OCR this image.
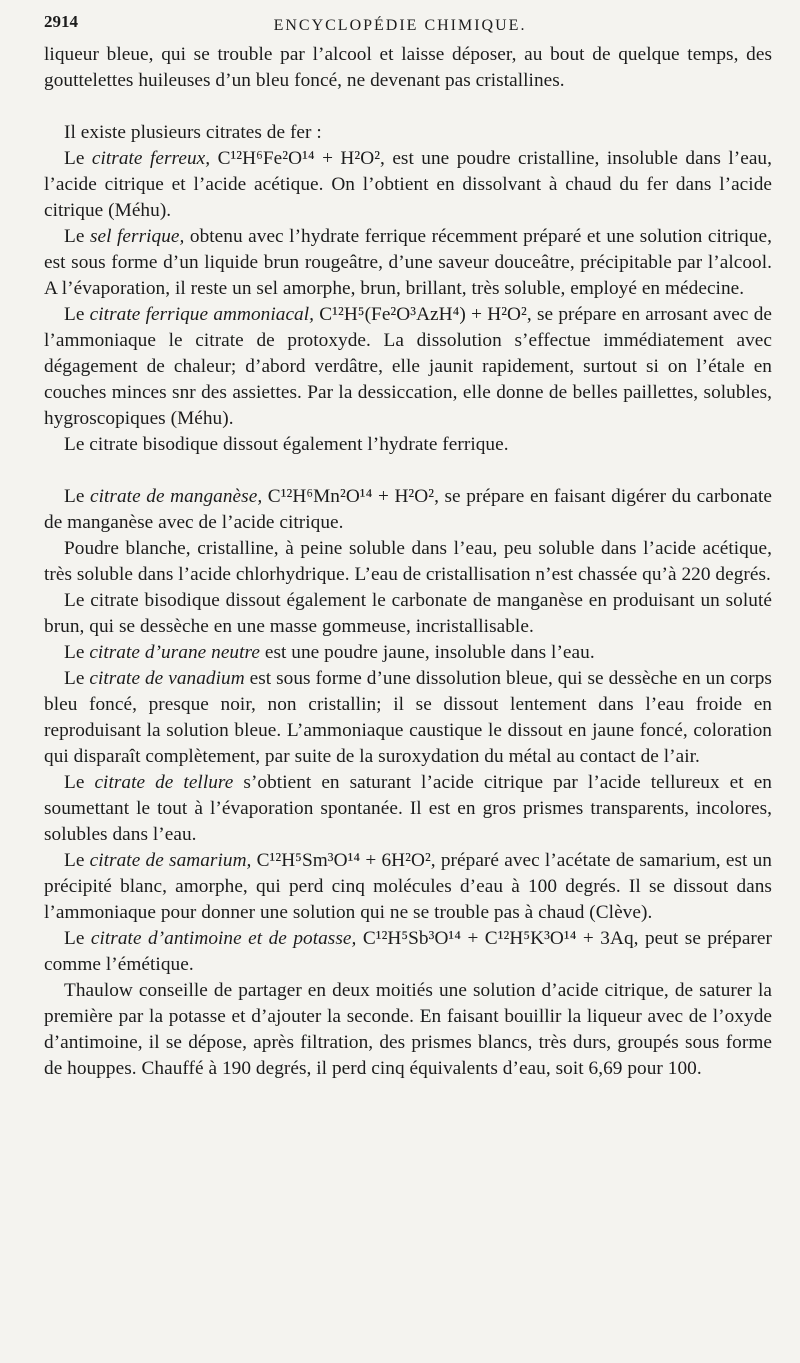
2914	ENCYCLOPÉDIE CHIMIQUE.

liqueur bleue, qui se trouble par l’alcool et laisse déposer, au bout de quelque temps, des gouttelettes huileuses d’un bleu foncé, ne devenant pas cristallines.

Il existe plusieurs citrates de fer :

Le citrate ferreux, C¹²H⁶Fe²O¹⁴ + H²O², est une poudre cristalline, insoluble dans l’eau, l’acide citrique et l’acide acétique. On l’obtient en dissolvant à chaud du fer dans l’acide citrique (Méhu).

Le sel ferrique, obtenu avec l’hydrate ferrique récemment préparé et une solution citrique, est sous forme d’un liquide brun rougeâtre, d’une saveur douceâtre, précipitable par l’alcool. A l’évaporation, il reste un sel amorphe, brun, brillant, très soluble, employé en médecine.

Le citrate ferrique ammoniacal, C¹²H⁵(Fe²O³AzH⁴) + H²O², se prépare en arrosant avec de l’ammoniaque le citrate de protoxyde. La dissolution s’effectue immédiatement avec dégagement de chaleur; d’abord verdâtre, elle jaunit rapidement, surtout si on l’étale en couches minces snr des assiettes. Par la dessiccation, elle donne de belles paillettes, solubles, hygroscopiques (Méhu).

Le citrate bisodique dissout également l’hydrate ferrique.

Le citrate de manganèse, C¹²H⁶Mn²O¹⁴ + H²O², se prépare en faisant digérer du carbonate de manganèse avec de l’acide citrique.

Poudre blanche, cristalline, à peine soluble dans l’eau, peu soluble dans l’acide acétique, très soluble dans l’acide chlorhydrique. L’eau de cristallisation n’est chassée qu’à 220 degrés.

Le citrate bisodique dissout également le carbonate de manganèse en produisant un soluté brun, qui se dessèche en une masse gommeuse, incristallisable.

Le citrate d’urane neutre est une poudre jaune, insoluble dans l’eau.

Le citrate de vanadium est sous forme d’une dissolution bleue, qui se dessèche en un corps bleu foncé, presque noir, non cristallin; il se dissout lentement dans l’eau froide en reproduisant la solution bleue. L’ammoniaque caustique le dissout en jaune foncé, coloration qui disparaît complètement, par suite de la suroxydation du métal au contact de l’air.

Le citrate de tellure s’obtient en saturant l’acide citrique par l’acide tellureux et en soumettant le tout à l’évaporation spontanée. Il est en gros prismes transparents, incolores, solubles dans l’eau.

Le citrate de samarium, C¹²H⁵Sm³O¹⁴ + 6H²O², préparé avec l’acétate de samarium, est un précipité blanc, amorphe, qui perd cinq molécules d’eau à 100 degrés. Il se dissout dans l’ammoniaque pour donner une solution qui ne se trouble pas à chaud (Clève).

Le citrate d’antimoine et de potasse, C¹²H⁵Sb³O¹⁴ + C¹²H⁵K³O¹⁴ + 3Aq, peut se préparer comme l’émétique.

Thaulow conseille de partager en deux moitiés une solution d’acide citrique, de saturer la première par la potasse et d’ajouter la seconde. En faisant bouillir la liqueur avec de l’oxyde d’antimoine, il se dépose, après filtration, des prismes blancs, très durs, groupés sous forme de houppes. Chauffé à 190 degrés, il perd cinq équivalents d’eau, soit 6,69 pour 100.
